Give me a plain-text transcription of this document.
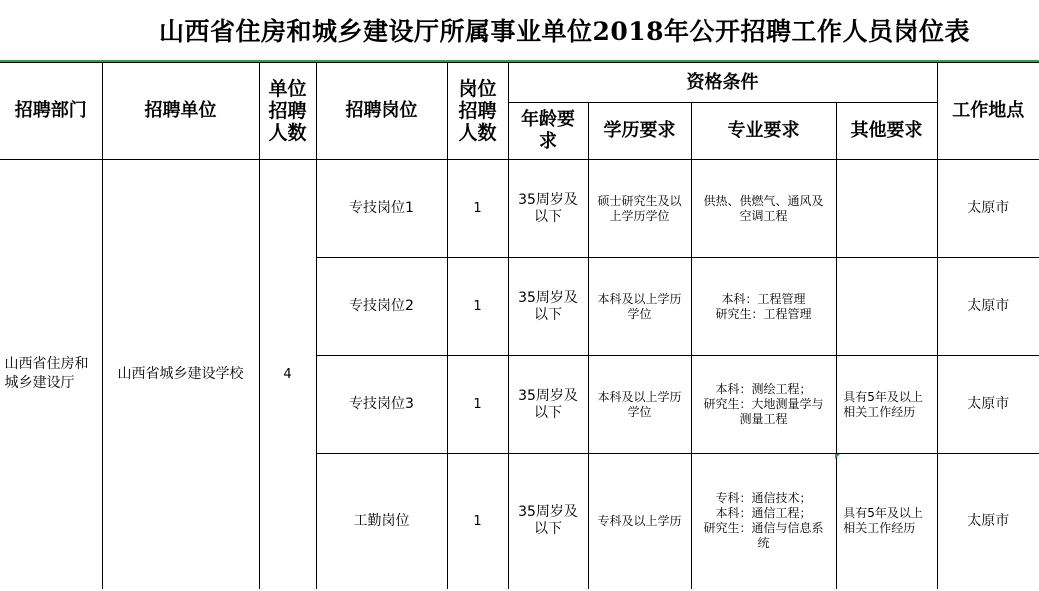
山西省住房和城乡建设厅所属事业单位2018年公开招聘工作人员岗位表
招聘部门	招聘单位	单位招聘人数	招聘岗位	岗位招聘人数	资格条件				工作地点

					年龄要求	学历要求	专业要求	其他要求	

山西省住房和城乡建设厅	山西省城乡建设学校	4	专技岗位1	1	35周岁及以下	硕士研究生及以上学历学位	供热、供燃气、通风及空调工程		太原市
			专技岗位2	1	35周岁及以下	本科及以上学历学位	本科：工程管理
研究生：工程管理		太原市
			专技岗位3	1	35周岁及以下	本科及以上学历学位	本科：测绘工程；
研究生：大地测量学与测量工程	具有5年及以上相关工作经历	太原市
			工勤岗位	1	35周岁及以下	专科及以上学历	专科：通信技术；
本科：通信工程；
研究生：通信与信息系统	具有5年及以上相关工作经历	太原市
